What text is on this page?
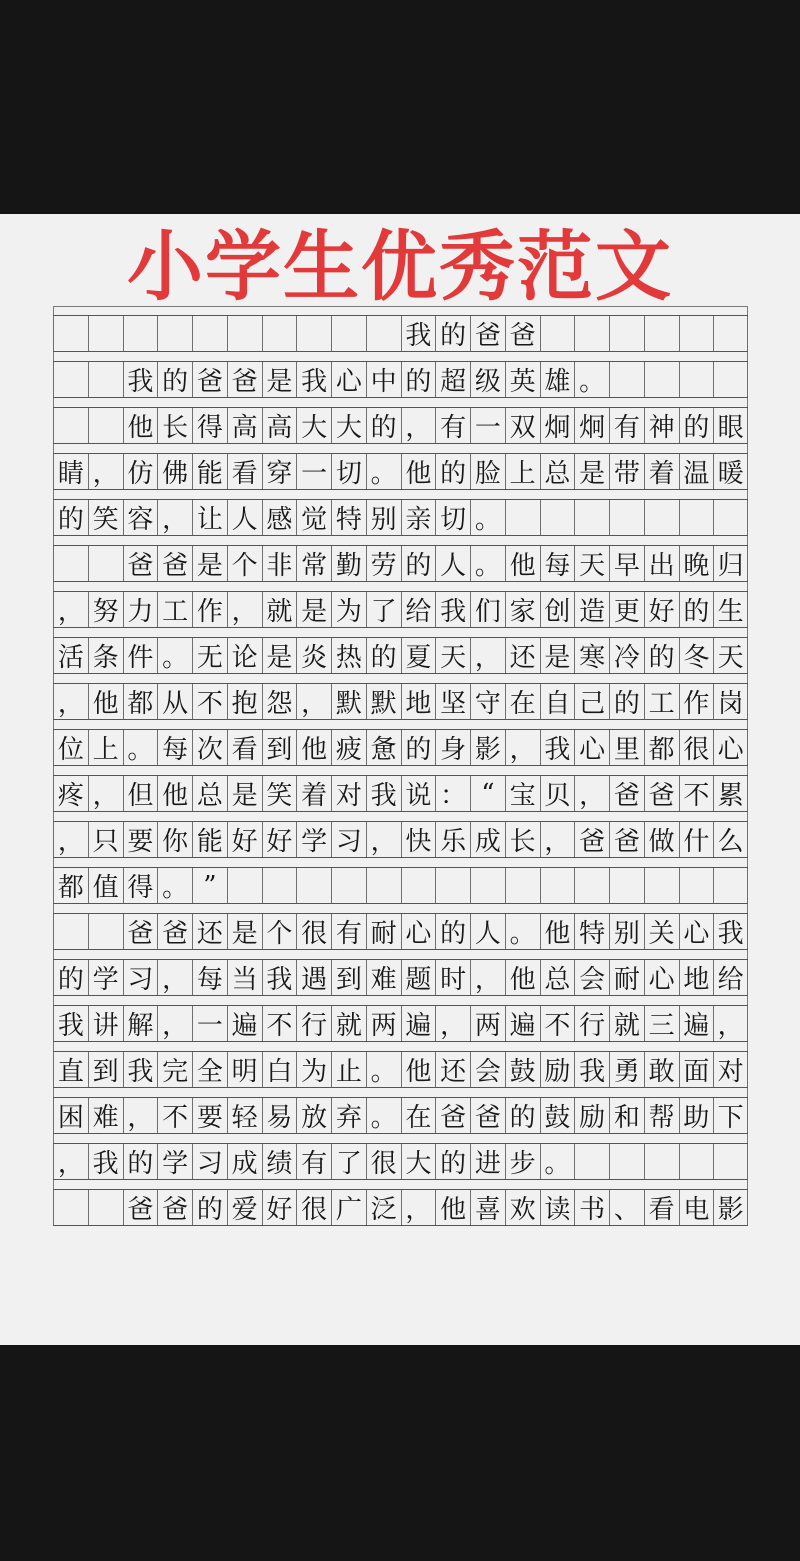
小学生优秀范文
我 的 爸 爸
我 的 爸 爸 是 我 心 中 的 超 级 英 雄 。
他 长 得 高 高 大 大 的 ， 有 一 双 炯 炯 有 神 的 眼
睛 ， 仿 佛 能 看 穿 一 切 。 他 的 脸 上 总 是 带 着 温 暖
的 笑 容 ， 让 人 感 觉 特 别 亲 切 。
爸 爸 是 个 非 常 勤 劳 的 人 。 他 每 天 早 出 晚 归
， 努 力 工 作 ， 就 是 为 了 给 我 们 家 创 造 更 好 的 生
活 条 件 。 无 论 是 炎 热 的 夏 天 ， 还 是 寒 冷 的 冬 天
， 他 都 从 不 抱 怨 ， 默 默 地 坚 守 在 自 己 的 工 作 岗
位 上 。 每 次 看 到 他 疲 惫 的 身 影 ， 我 心 里 都 很 心
疼 ， 但 他 总 是 笑 着 对 我 说 ： “ 宝 贝 ， 爸 爸 不 累
， 只 要 你 能 好 好 学 习 ， 快 乐 成 长 ， 爸 爸 做 什 么
都 值 得 。 ”
爸 爸 还 是 个 很 有 耐 心 的 人 。 他 特 别 关 心 我
的 学 习 ， 每 当 我 遇 到 难 题 时 ， 他 总 会 耐 心 地 给
我 讲 解 ， 一 遍 不 行 就 两 遍 ， 两 遍 不 行 就 三 遍 ，
直 到 我 完 全 明 白 为 止 。 他 还 会 鼓 励 我 勇 敢 面 对
困 难 ， 不 要 轻 易 放 弃 。 在 爸 爸 的 鼓 励 和 帮 助 下
， 我 的 学 习 成 绩 有 了 很 大 的 进 步 。
爸 爸 的 爱 好 很 广 泛 ， 他 喜 欢 读 书 、 看 电 影
